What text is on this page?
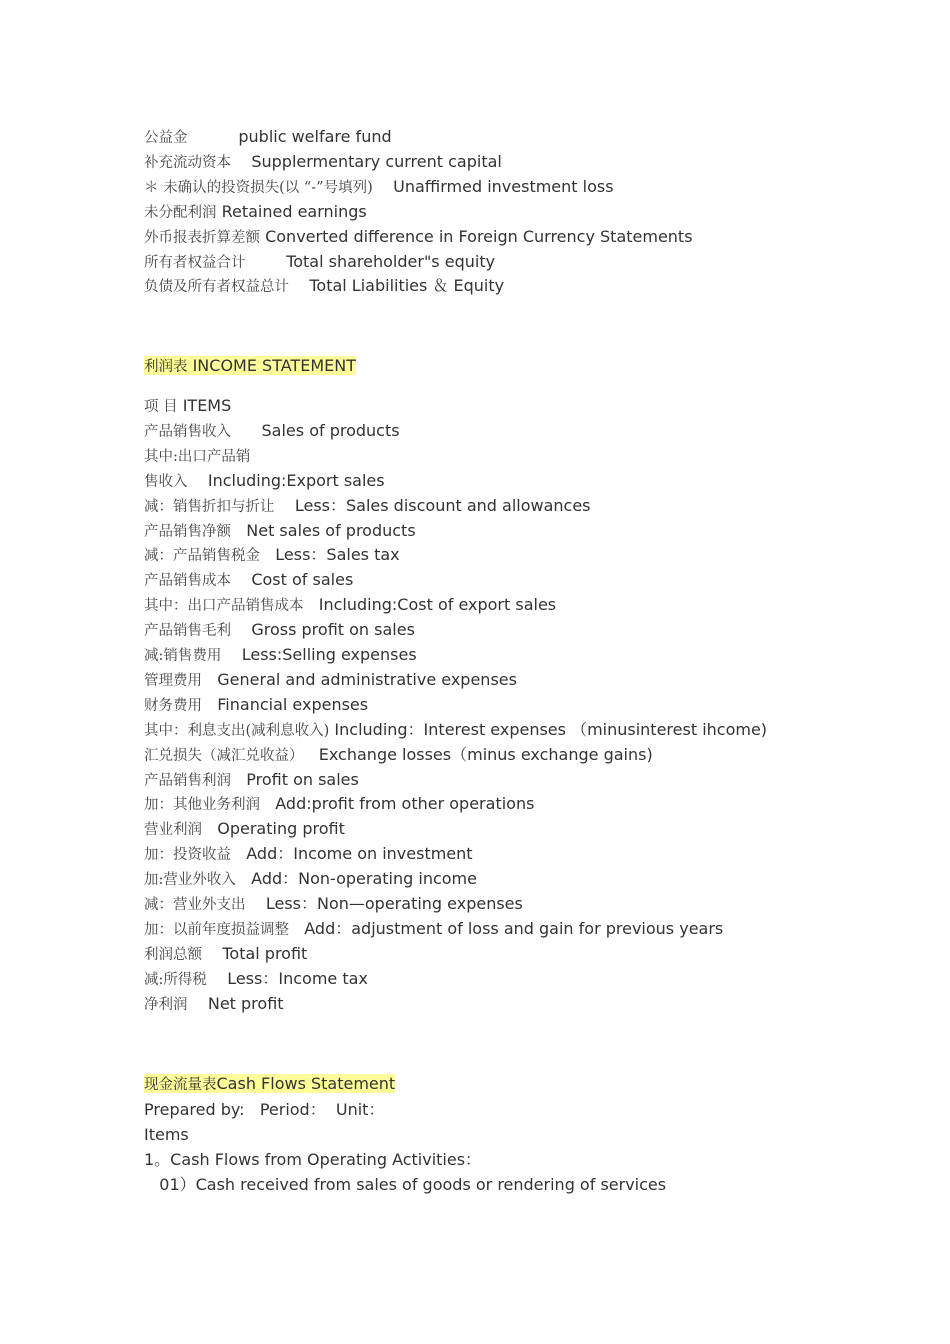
公益金          public welfare fund
补充流动资本    Supplermentary current capital
＊ 未确认的投资损失(以 “-”号填列)    Unaffirmed investment loss
未分配利润 Retained earnings
外币报表折算差额 Converted difference in Foreign Currency Statements
所有者权益合计        Total shareholder"s equity
负债及所有者权益总计    Total Liabilities ＆ Equity
利润表 INCOME STATEMENT
项 目 ITEMS
产品销售收入      Sales of products
其中:出口产品销
售收入    Including:Export sales
减：销售折扣与折让    Less：Sales discount and allowances
产品销售净额   Net sales of products
减：产品销售税金   Less：Sales tax
产品销售成本    Cost of sales
其中：出口产品销售成本   Including:Cost of export sales
产品销售毛利    Gross profit on sales
减:销售费用    Less:Selling expenses
管理费用   General and administrative expenses
财务费用   Financial expenses
其中：利息支出(减利息收入) Including：Interest expenses （minusinterest ihcome)
汇兑损失（减汇兑收益）   Exchange losses（minus exchange gains)
产品销售利润   Profit on sales
加：其他业务利润   Add:profit from other operations
营业利润   Operating profit
加：投资收益   Add：Income on investment
加:营业外收入   Add：Non-operating income
减：营业外支出    Less：Non—operating expenses
加：以前年度损益调整   Add：adjustment of loss and gain for previous years
利润总额    Total profit
减:所得税    Less：Income tax
净利润    Net profit
现金流量表Cash Flows Statement
Prepared by:   Period：  Unit：
Items
1。Cash Flows from Operating Activities：
01）Cash received from sales of goods or rendering of services
